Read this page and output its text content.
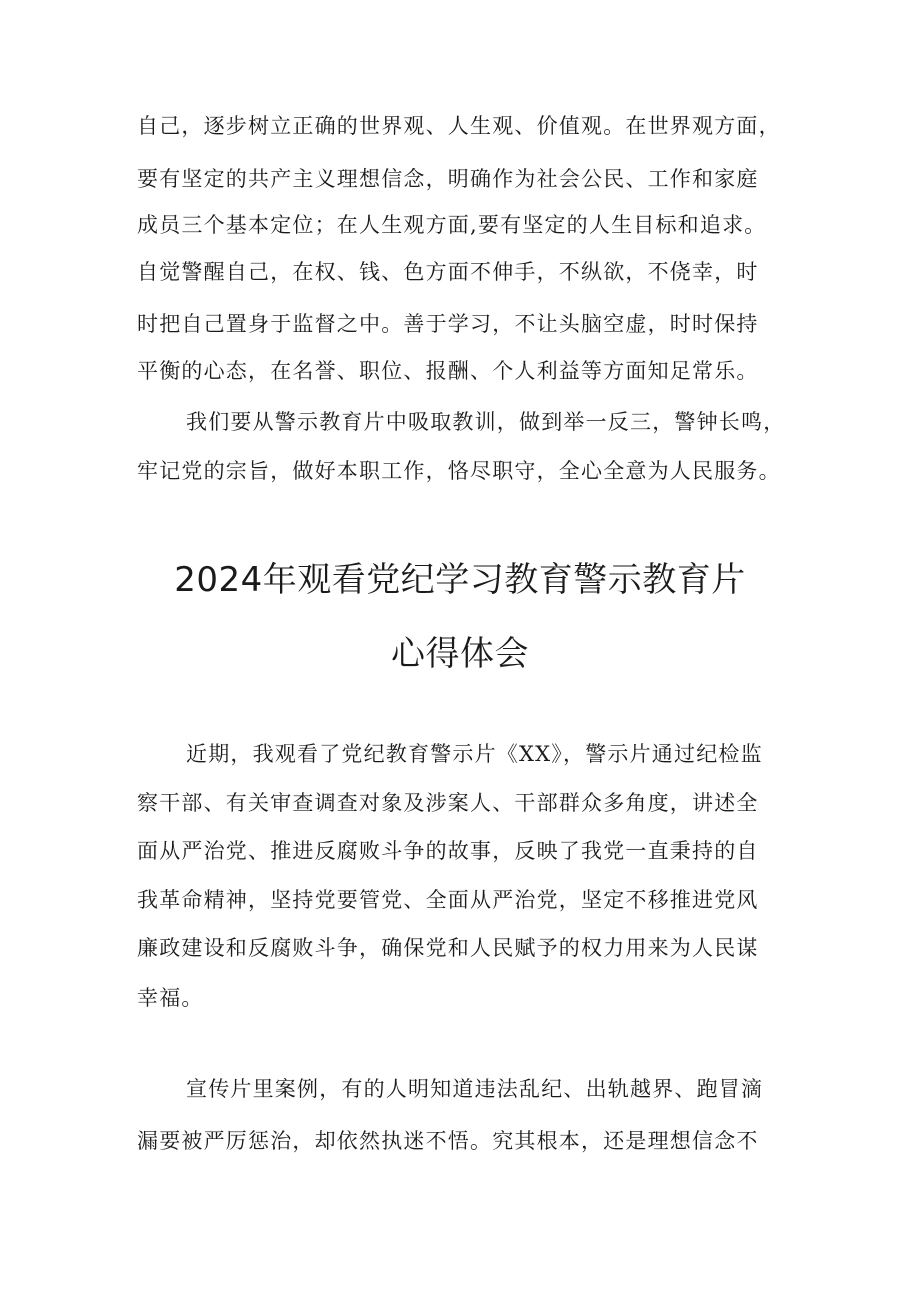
自己，逐步树立正确的世界观、人生观、价值观。在世界观方面，
要有坚定的共产主义理想信念，明确作为社会公民、工作和家庭
成员三个基本定位；在人生观方面,要有坚定的人生目标和追求。
自觉警醒自己，在权、钱、色方面不伸手，不纵欲，不侥幸，时
时把自己置身于监督之中。善于学习，不让头脑空虚，时时保持
平衡的心态，在名誉、职位、报酬、个人利益等方面知足常乐。
我们要从警示教育片中吸取教训，做到举一反三，警钟长鸣，
牢记党的宗旨，做好本职工作，恪尽职守，全心全意为人民服务。
2024年观看党纪学习教育警示教育片
心得体会
近期，我观看了党纪教育警示片《XX》，警示片通过纪检监
察干部、有关审查调查对象及涉案人、干部群众多角度，讲述全
面从严治党、推进反腐败斗争的故事，反映了我党一直秉持的自
我革命精神，坚持党要管党、全面从严治党，坚定不移推进党风
廉政建设和反腐败斗争，确保党和人民赋予的权力用来为人民谋
幸福。
宣传片里案例，有的人明知道违法乱纪、出轨越界、跑冒滴
漏要被严厉惩治，却依然执迷不悟。究其根本，还是理想信念不
